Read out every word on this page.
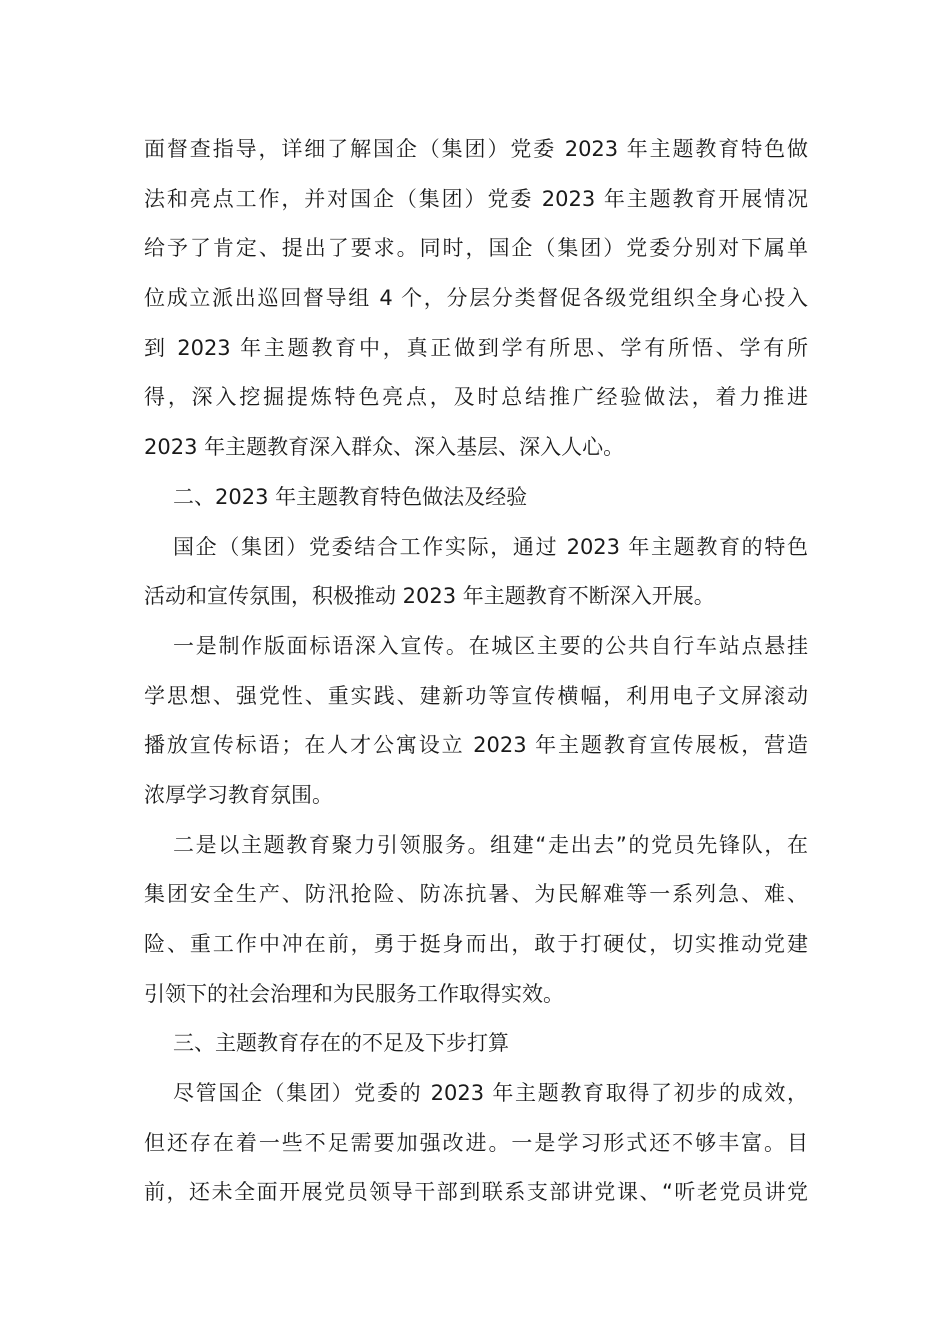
面督查指导，详细了解国企（集团）党委 2023 年主题教育特色做
法和亮点工作，并对国企（集团）党委 2023 年主题教育开展情况
给予了肯定、提出了要求。同时，国企（集团）党委分别对下属单
位成立派出巡回督导组 4 个，分层分类督促各级党组织全身心投入
到 2023 年主题教育中，真正做到学有所思、学有所悟、学有所
得，深入挖掘提炼特色亮点，及时总结推广经验做法，着力推进
2023 年主题教育深入群众、深入基层、深入人心。
二、2023 年主题教育特色做法及经验
国企（集团）党委结合工作实际，通过 2023 年主题教育的特色
活动和宣传氛围，积极推动 2023 年主题教育不断深入开展。
一是制作版面标语深入宣传。在城区主要的公共自行车站点悬挂
学思想、强党性、重实践、建新功等宣传横幅，利用电子文屏滚动
播放宣传标语；在人才公寓设立 2023 年主题教育宣传展板，营造
浓厚学习教育氛围。
二是以主题教育聚力引领服务。组建“走出去”的党员先锋队，在
集团安全生产、防汛抢险、防冻抗暑、为民解难等一系列急、难、
险、重工作中冲在前，勇于挺身而出，敢于打硬仗，切实推动党建
引领下的社会治理和为民服务工作取得实效。
三、主题教育存在的不足及下步打算
尽管国企（集团）党委的 2023 年主题教育取得了初步的成效，
但还存在着一些不足需要加强改进。一是学习形式还不够丰富。目
前，还未全面开展党员领导干部到联系支部讲党课、“听老党员讲党
